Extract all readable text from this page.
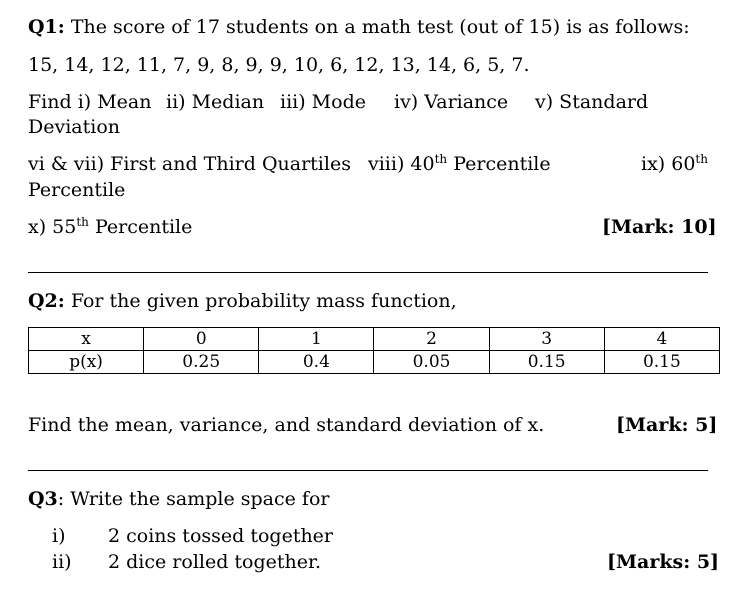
Q1: The score of 17 students on a math test (out of 15) is as follows:
15, 14, 12, 11, 7, 9, 8, 9, 9, 10, 6, 12, 13, 14, 6, 5, 7.
Find i) Mean ii) Median iii) Mode iv) Variance v) Standard
Deviation
vi & vii) First and Third Quartiles viii) 40th Percentile	ix) 60th
Percentile
x) 55th Percentile	[Mark: 10]
Q2: For the given probability mass function,
x	0	1	2	3	4
p(x)	0.25	0.4	0.05	0.15	0.15
Find the mean, variance, and standard deviation of x.	[Mark: 5]
Q3: Write the sample space for
i) 2 coins tossed together
ii) 2 dice rolled together.	[Marks: 5]
